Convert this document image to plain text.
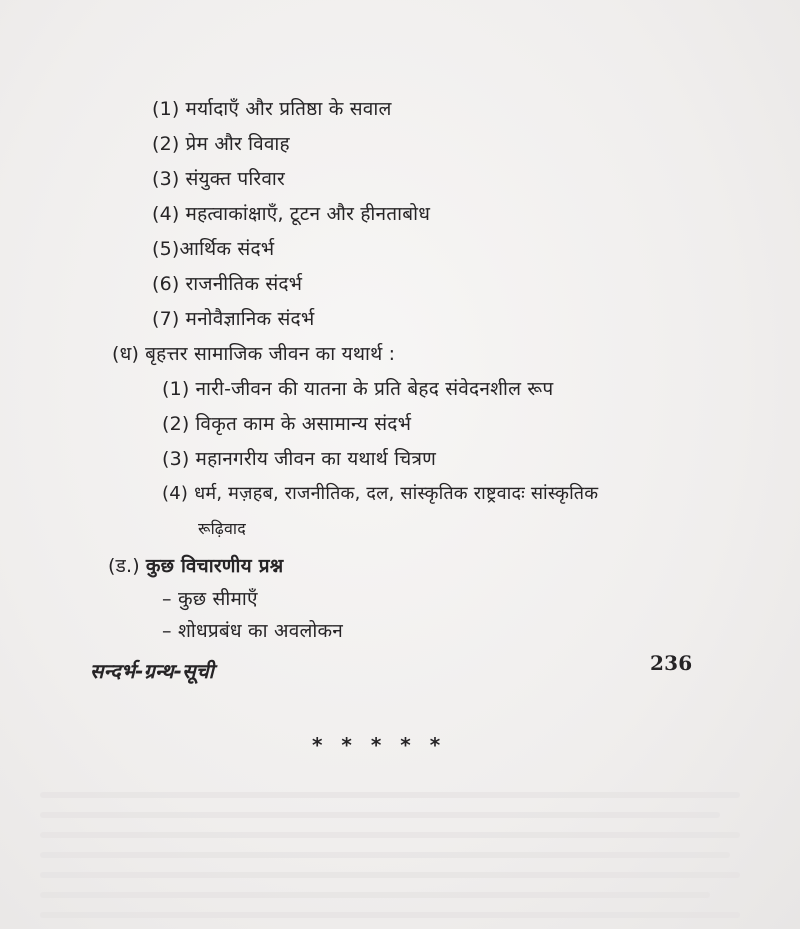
(1) मर्यादाएँ और प्रतिष्ठा के सवाल
(2) प्रेम और विवाह
(3) संयुक्त परिवार
(4) महत्वाकांक्षाएँ, टूटन और हीनताबोध
(5)आर्थिक संदर्भ
(6) राजनीतिक संदर्भ
(7) मनोवैज्ञानिक संदर्भ
(ध) बृहत्तर सामाजिक जीवन का यथार्थ :
(1) नारी-जीवन की यातना के प्रति बेहद संवेदनशील रूप
(2) विकृत काम के असामान्य संदर्भ
(3) महानगरीय जीवन का यथार्थ चित्रण
(4) धर्म, मज़हब, राजनीतिक, दल, सांस्कृतिक राष्ट्रवादः सांस्कृतिक
रूढ़िवाद
(ड.) कुछ विचारणीय प्रश्न
– कुछ सीमाएँ
– शोधप्रबंध का अवलोकन
सन्दर्भ-ग्रन्थ-सूची	236
* * * * *
